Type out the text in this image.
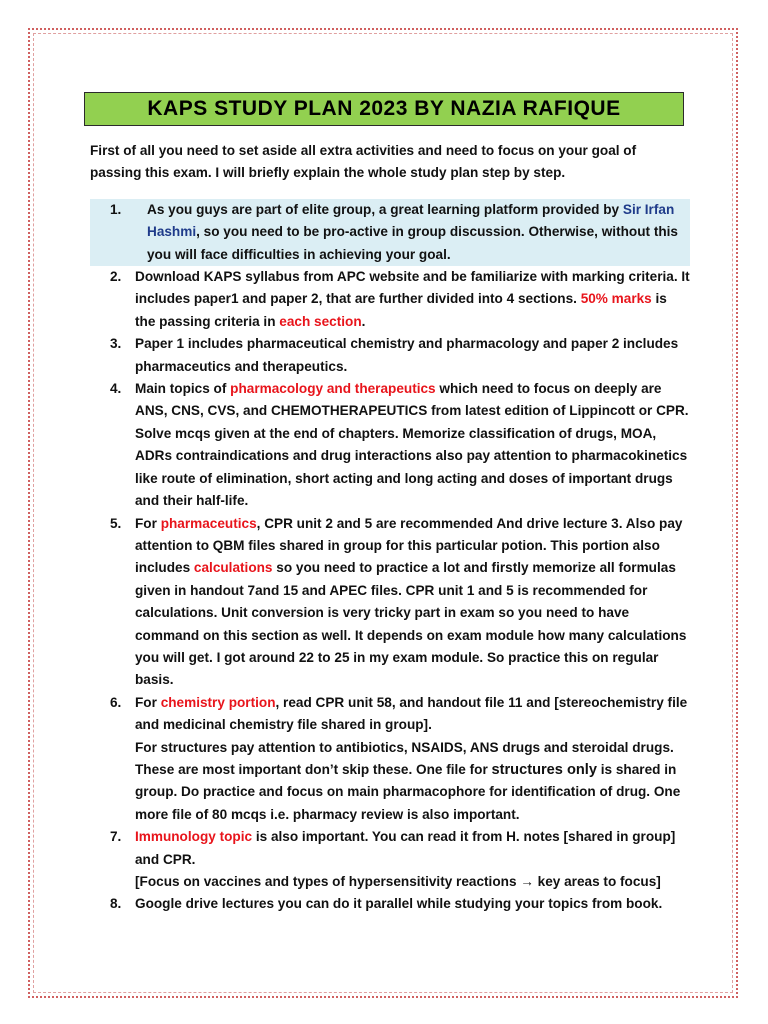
KAPS STUDY PLAN 2023 BY NAZIA RAFIQUE

First of all you need to set aside all extra activities and need to focus on your goal of passing this exam. I will briefly explain the whole study plan step by step.

1. As you guys are part of elite group, a great learning platform provided by Sir Irfan Hashmi, so you need to be pro-active in group discussion. Otherwise, without this you will face difficulties in achieving your goal.
2. Download KAPS syllabus from APC website and be familiarize with marking criteria. It includes paper1 and paper 2, that are further divided into 4 sections. 50% marks is the passing criteria in each section.
3. Paper 1 includes pharmaceutical chemistry and pharmacology and paper 2 includes pharmaceutics and therapeutics.
4. Main topics of pharmacology and therapeutics which need to focus on deeply are ANS, CNS, CVS, and CHEMOTHERAPEUTICS from latest edition of Lippincott or CPR. Solve mcqs given at the end of chapters. Memorize classification of drugs, MOA, ADRs contraindications and drug interactions also pay attention to pharmacokinetics like route of elimination, short acting and long acting and doses of important drugs and their half-life.
5. For pharmaceutics, CPR unit 2 and 5 are recommended And drive lecture 3. Also pay attention to QBM files shared in group for this particular potion. This portion also includes calculations so you need to practice a lot and firstly memorize all formulas given in handout 7and 15 and APEC files. CPR unit 1 and 5 is recommended for calculations. Unit conversion is very tricky part in exam so you need to have command on this section as well. It depends on exam module how many calculations you will get. I got around 22 to 25 in my exam module. So practice this on regular basis.
6. For chemistry portion, read CPR unit 58, and handout file 11 and [stereochemistry file and medicinal chemistry file shared in group].
For structures pay attention to antibiotics, NSAIDS, ANS drugs and steroidal drugs. These are most important don’t skip these. One file for structures only is shared in group. Do practice and focus on main pharmacophore for identification of drug. One more file of 80 mcqs i.e. pharmacy review is also important.
7. Immunology topic is also important. You can read it from H. notes [shared in group] and CPR.
[Focus on vaccines and types of hypersensitivity reactions → key areas to focus]
8. Google drive lectures you can do it parallel while studying your topics from book.
